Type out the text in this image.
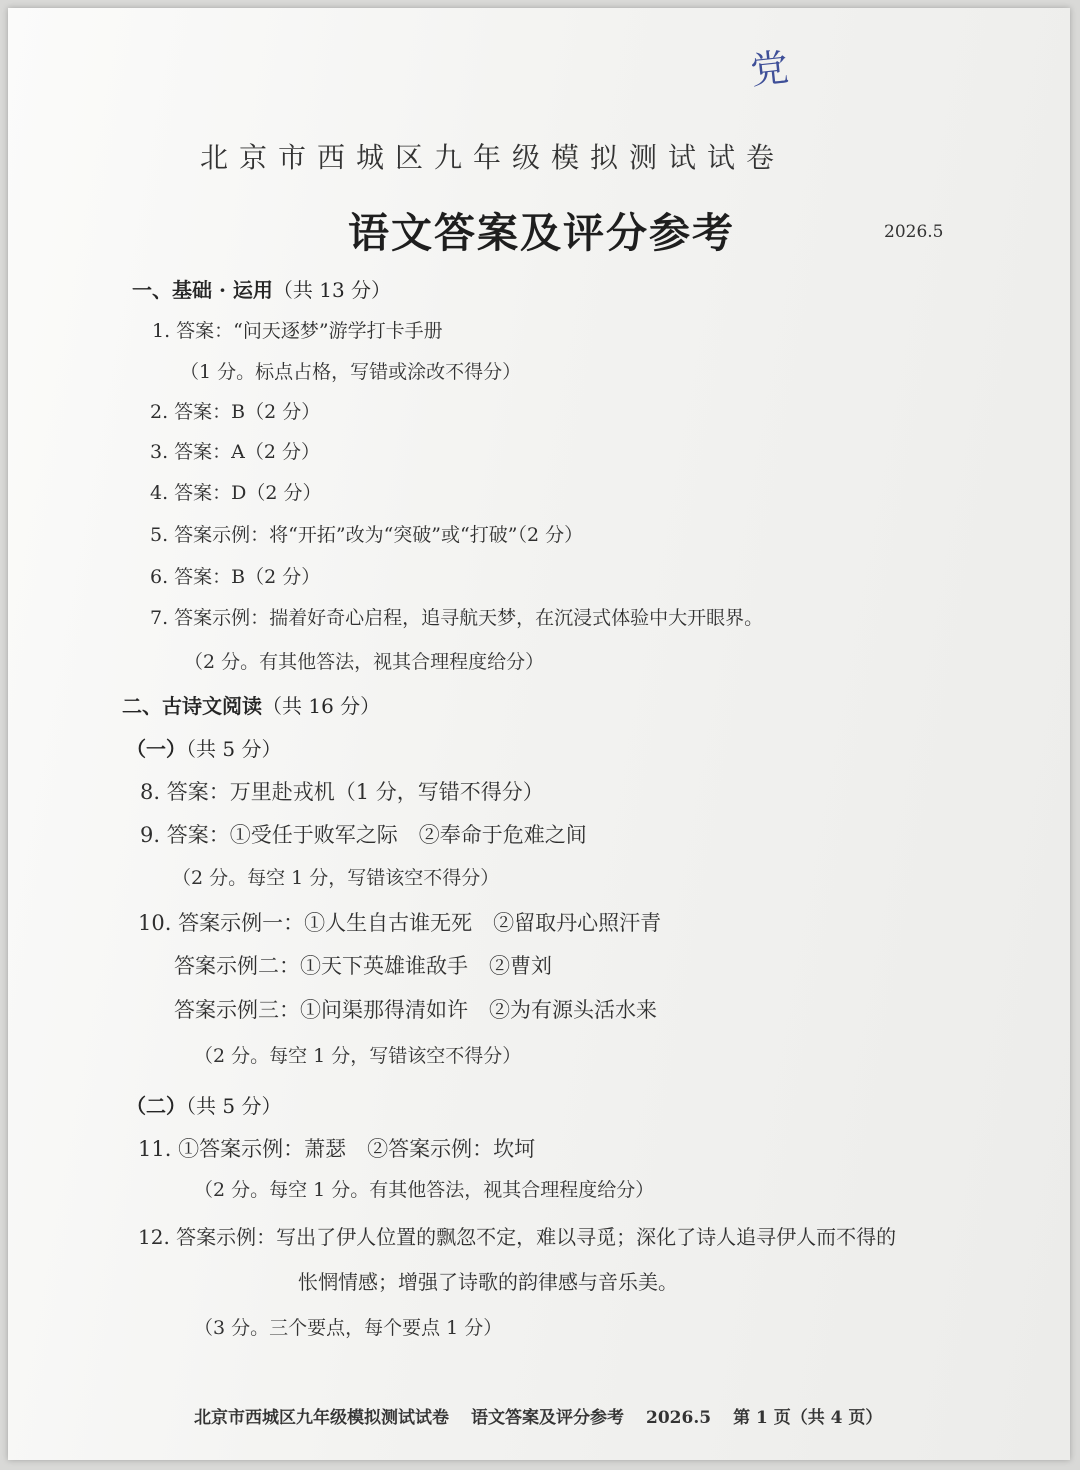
党
北京市西城区九年级模拟测试试卷
语文答案及评分参考	2026.5
一、基础 · 运用（共 13 分）
1. 答案：“问天逐梦”游学打卡手册
（1 分。标点占格，写错或涂改不得分）
2. 答案：B（2 分）
3. 答案：A（2 分）
4. 答案：D（2 分）
5. 答案示例：将“开拓”改为“突破”或“打破”（2 分）
6. 答案：B（2 分）
7. 答案示例：揣着好奇心启程，追寻航天梦，在沉浸式体验中大开眼界。
（2 分。有其他答法，视其合理程度给分）
二、古诗文阅读（共 16 分）
（一）（共 5 分）
8. 答案：万里赴戎机（1 分，写错不得分）
9. 答案：①受任于败军之际　②奉命于危难之间
（2 分。每空 1 分，写错该空不得分）
10. 答案示例一：①人生自古谁无死　②留取丹心照汗青
答案示例二：①天下英雄谁敌手　②曹刘
答案示例三：①问渠那得清如许　②为有源头活水来
（2 分。每空 1 分，写错该空不得分）
（二）（共 5 分）
11. ①答案示例：萧瑟　②答案示例：坎坷
（2 分。每空 1 分。有其他答法，视其合理程度给分）
12. 答案示例：写出了伊人位置的飘忽不定，难以寻觅；深化了诗人追寻伊人而不得的
怅惘情感；增强了诗歌的韵律感与音乐美。
（3 分。三个要点，每个要点 1 分）
北京市西城区九年级模拟测试试卷 语文答案及评分参考 2026.5 第 1 页（共 4 页）
